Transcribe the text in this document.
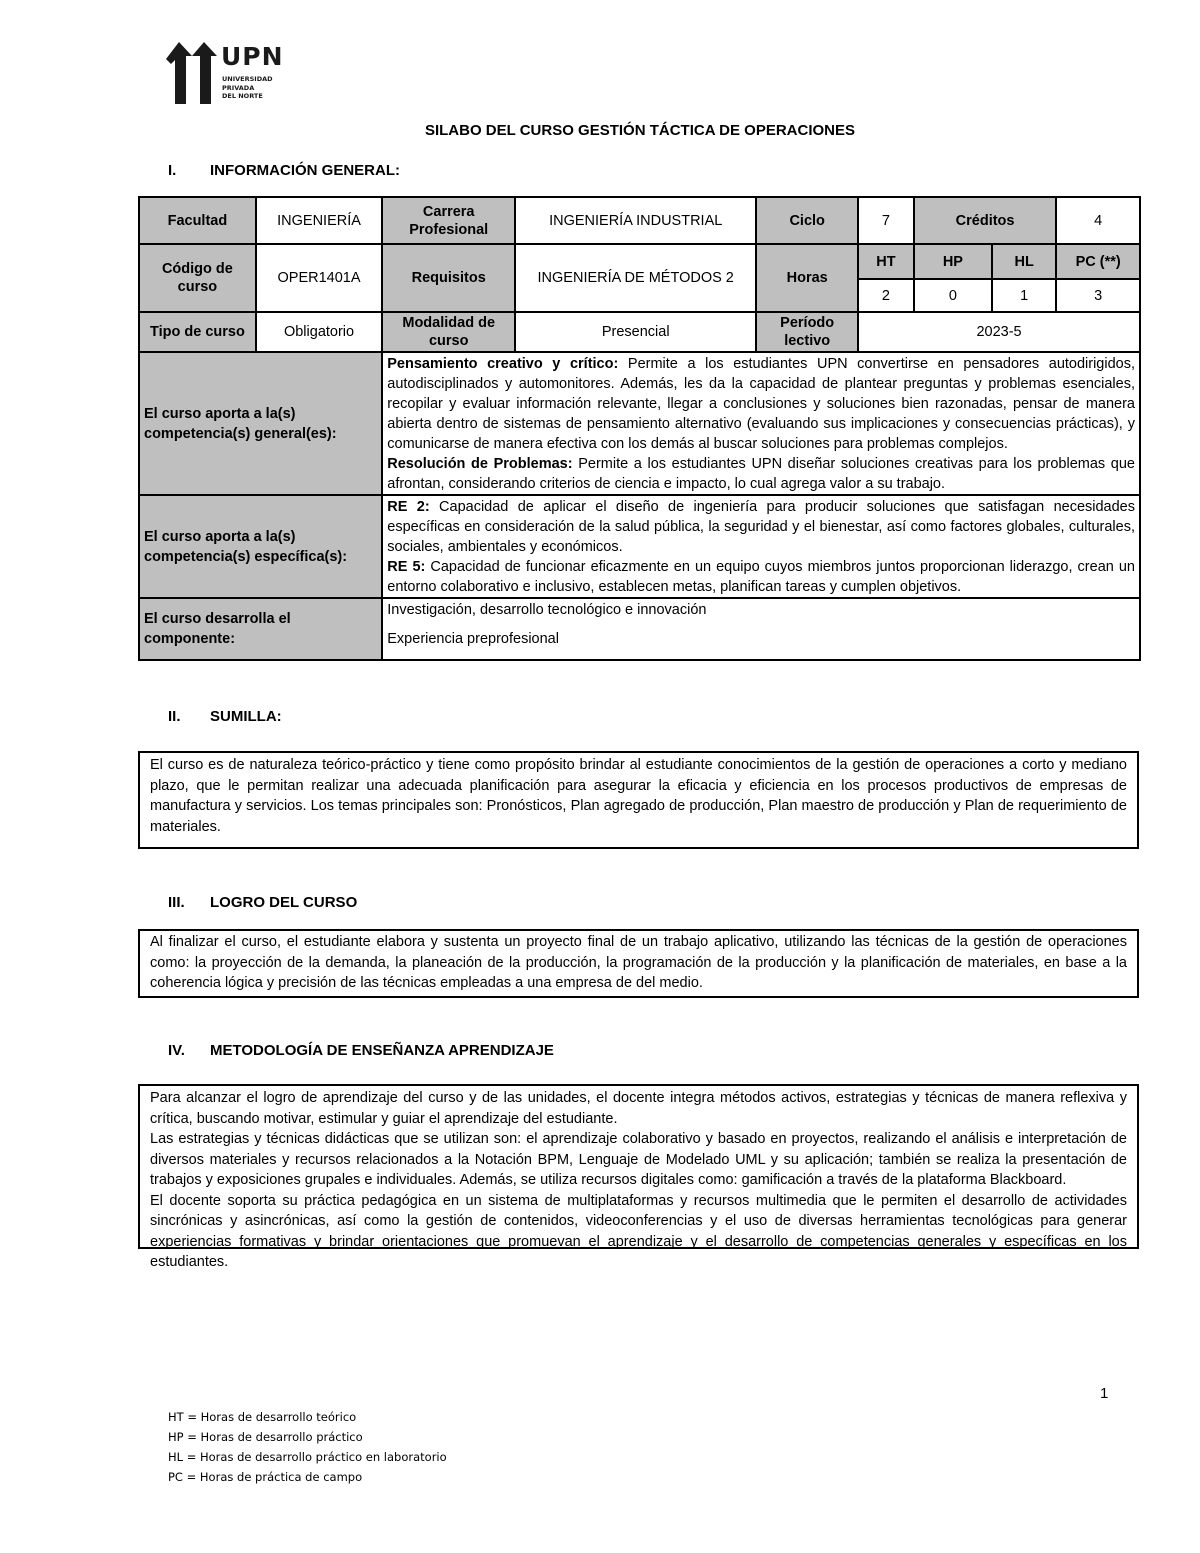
UPN
UNIVERSIDAD
PRIVADA
DEL NORTE
SILABO DEL CURSO GESTIÓN TÁCTICA DE OPERACIONES
I. INFORMACIÓN GENERAL:
Facultad	INGENIERÍA	Carrera Profesional	INGENIERÍA INDUSTRIAL	Ciclo	7	Créditos		4
Código de curso	OPER1401A	Requisitos	INGENIERÍA DE MÉTODOS 2	Horas	HT	HP	HL	PC (**)
					2	0	1	3
Tipo de curso	Obligatorio	Modalidad de curso	Presencial	Período lectivo	2023-5			
El curso aporta a la(s) competencia(s) general(es):		Pensamiento creativo y crítico: Permite a los estudiantes UPN convertirse en pensadores autodirigidos, autodisciplinados y automonitores. Además, les da la capacidad de plantear preguntas y problemas esenciales, recopilar y evaluar información relevante, llegar a conclusiones y soluciones bien razonadas, pensar de manera abierta dentro de sistemas de pensamiento alternativo (evaluando sus implicaciones y consecuencias prácticas), y comunicarse de manera efectiva con los demás al buscar soluciones para problemas complejos.
Resolución de Problemas: Permite a los estudiantes UPN diseñar soluciones creativas para los problemas que afrontan, considerando criterios de ciencia e impacto, lo cual agrega valor a su trabajo.						
El curso aporta a la(s) competencia(s) específica(s):		RE 2: Capacidad de aplicar el diseño de ingeniería para producir soluciones que satisfagan necesidades específicas en consideración de la salud pública, la seguridad y el bienestar, así como factores globales, culturales, sociales, ambientales y económicos.
RE 5: Capacidad de funcionar eficazmente en un equipo cuyos miembros juntos proporcionan liderazgo, crean un entorno colaborativo e inclusivo, establecen metas, planifican tareas y cumplen objetivos.						
El curso desarrolla el componente:		Investigación, desarrollo tecnológico e innovación
Experiencia preprofesional						
II. SUMILLA:
El curso es de naturaleza teórico-práctico y tiene como propósito brindar al estudiante conocimientos de la gestión de operaciones a corto y mediano plazo, que le permitan realizar una adecuada planificación para asegurar la eficacia y eficiencia en los procesos productivos de empresas de manufactura y servicios. Los temas principales son: Pronósticos, Plan agregado de producción, Plan maestro de producción y Plan de requerimiento de materiales.
III. LOGRO DEL CURSO
Al finalizar el curso, el estudiante elabora y sustenta un proyecto final de un trabajo aplicativo, utilizando las técnicas de la gestión de operaciones como: la proyección de la demanda, la planeación de la producción, la programación de la producción y la planificación de materiales, en base a la coherencia lógica y precisión de las técnicas empleadas a una empresa de del medio.
IV. METODOLOGÍA DE ENSEÑANZA APRENDIZAJE
Para alcanzar el logro de aprendizaje del curso y de las unidades, el docente integra métodos activos, estrategias y técnicas de manera reflexiva y crítica, buscando motivar, estimular y guiar el aprendizaje del estudiante.
Las estrategias y técnicas didácticas que se utilizan son: el aprendizaje colaborativo y basado en proyectos, realizando el análisis e interpretación de diversos materiales y recursos relacionados a la Notación BPM, Lenguaje de Modelado UML y su aplicación; también se realiza la presentación de trabajos y exposiciones grupales e individuales. Además, se utiliza recursos digitales como: gamificación a través de la plataforma Blackboard.
El docente soporta su práctica pedagógica en un sistema de multiplataformas y recursos multimedia que le permiten el desarrollo de actividades sincrónicas y asincrónicas, así como la gestión de contenidos, videoconferencias y el uso de diversas herramientas tecnológicas para generar experiencias formativas y brindar orientaciones que promuevan el aprendizaje y el desarrollo de competencias generales y específicas en los estudiantes.
1
HT = Horas de desarrollo teórico
HP = Horas de desarrollo práctico
HL = Horas de desarrollo práctico en laboratorio
PC = Horas de práctica de campo
